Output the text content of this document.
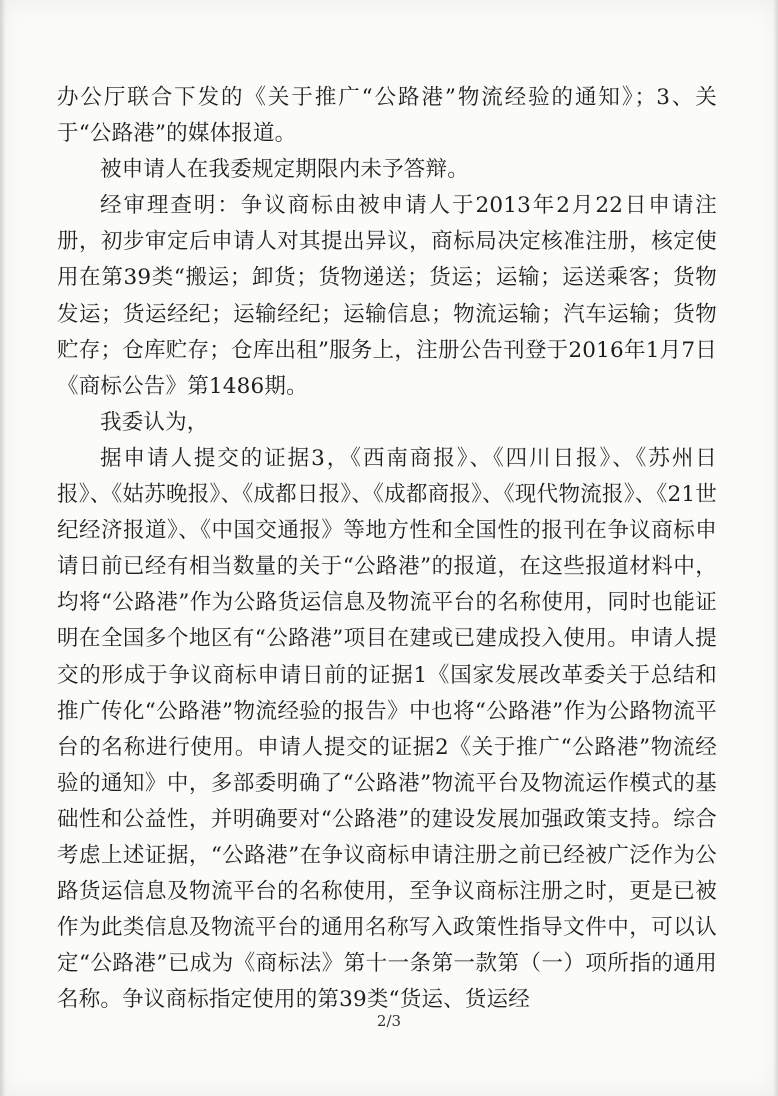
办公厅联合下发的《关于推广“公路港”物流经验的通知》；3、关于“公路港”的媒体报道。

被申请人在我委规定期限内未予答辩。

经审理查明：争议商标由被申请人于2013年2月22日申请注册，初步审定后申请人对其提出异议，商标局决定核准注册，核定使用在第39类“搬运；卸货；货物递送；货运；运输；运送乘客；货物发运；货运经纪；运输经纪；运输信息；物流运输；汽车运输；货物贮存；仓库贮存；仓库出租”服务上，注册公告刊登于2016年1月7日《商标公告》第1486期。

我委认为，

据申请人提交的证据3，《西南商报》、《四川日报》、《苏州日报》、《姑苏晚报》、《成都日报》、《成都商报》、《现代物流报》、《21世纪经济报道》、《中国交通报》等地方性和全国性的报刊在争议商标申请日前已经有相当数量的关于“公路港”的报道，在这些报道材料中，均将“公路港”作为公路货运信息及物流平台的名称使用，同时也能证明在全国多个地区有“公路港”项目在建或已建成投入使用。申请人提交的形成于争议商标申请日前的证据1《国家发展改革委关于总结和推广传化“公路港”物流经验的报告》中也将“公路港”作为公路物流平台的名称进行使用。申请人提交的证据2《关于推广“公路港”物流经验的通知》中，多部委明确了“公路港”物流平台及物流运作模式的基础性和公益性，并明确要对“公路港”的建设发展加强政策支持。综合考虑上述证据，“公路港”在争议商标申请注册之前已经被广泛作为公路货运信息及物流平台的名称使用，至争议商标注册之时，更是已被作为此类信息及物流平台的通用名称写入政策性指导文件中，可以认定“公路港”已成为《商标法》第十一条第一款第（一）项所指的通用名称。争议商标指定使用的第39类“货运、货运经

2/3
